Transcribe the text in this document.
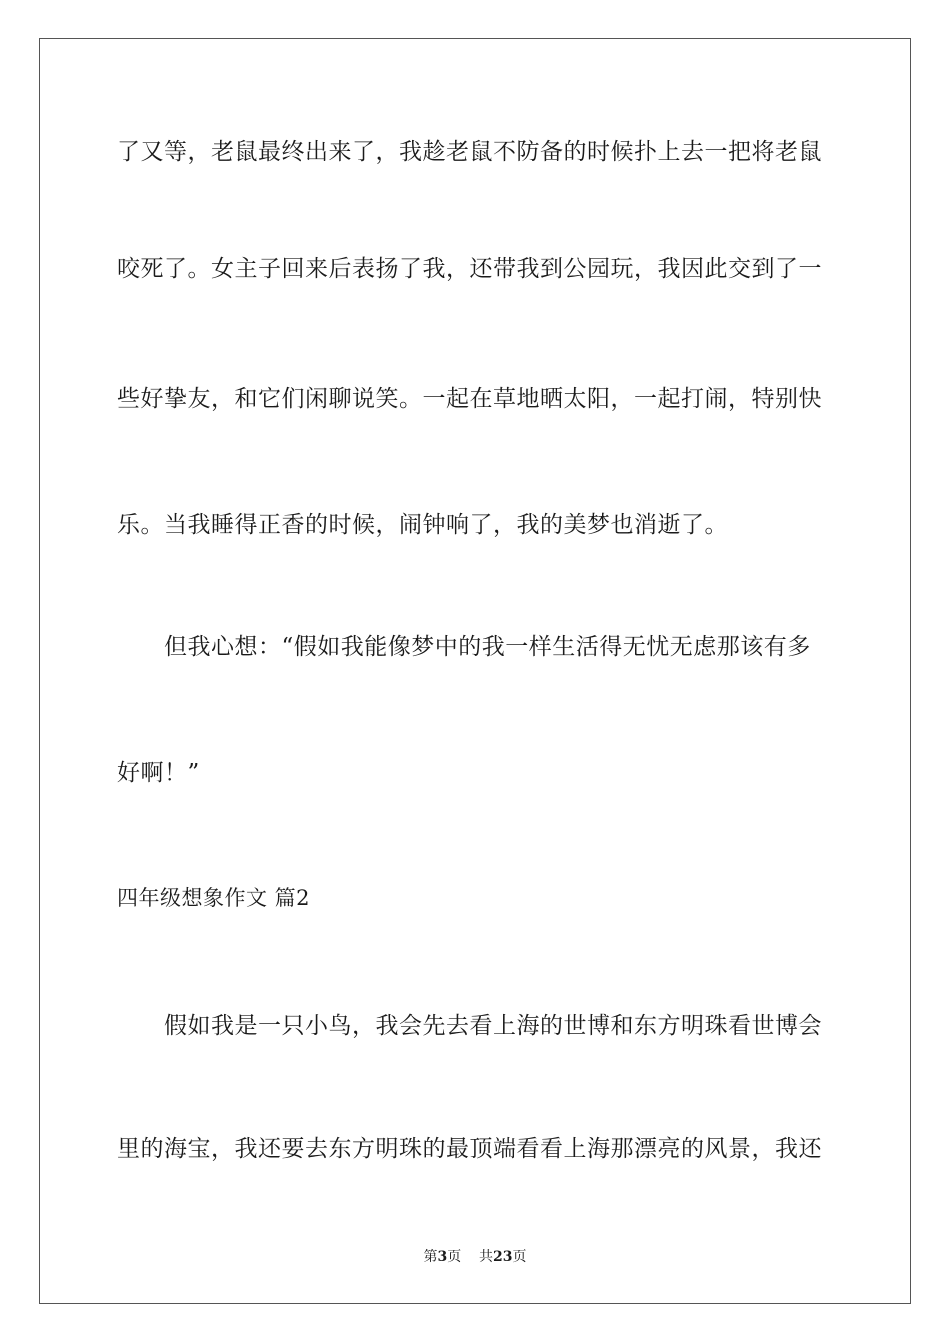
了又等，老鼠最终出来了，我趁老鼠不防备的时候扑上去一把将老鼠
咬死了。女主子回来后表扬了我，还带我到公园玩，我因此交到了一
些好挚友，和它们闲聊说笑。一起在草地晒太阳，一起打闹，特别快
乐。当我睡得正香的时候，闹钟响了，我的美梦也消逝了。
　　但我心想：“假如我能像梦中的我一样生活得无忧无虑那该有多
好啊！”
四年级想象作文 篇2
　　假如我是一只小鸟，我会先去看上海的世博和东方明珠看世博会
里的海宝，我还要去东方明珠的最顶端看看上海那漂亮的风景，我还
第3页 共23页
